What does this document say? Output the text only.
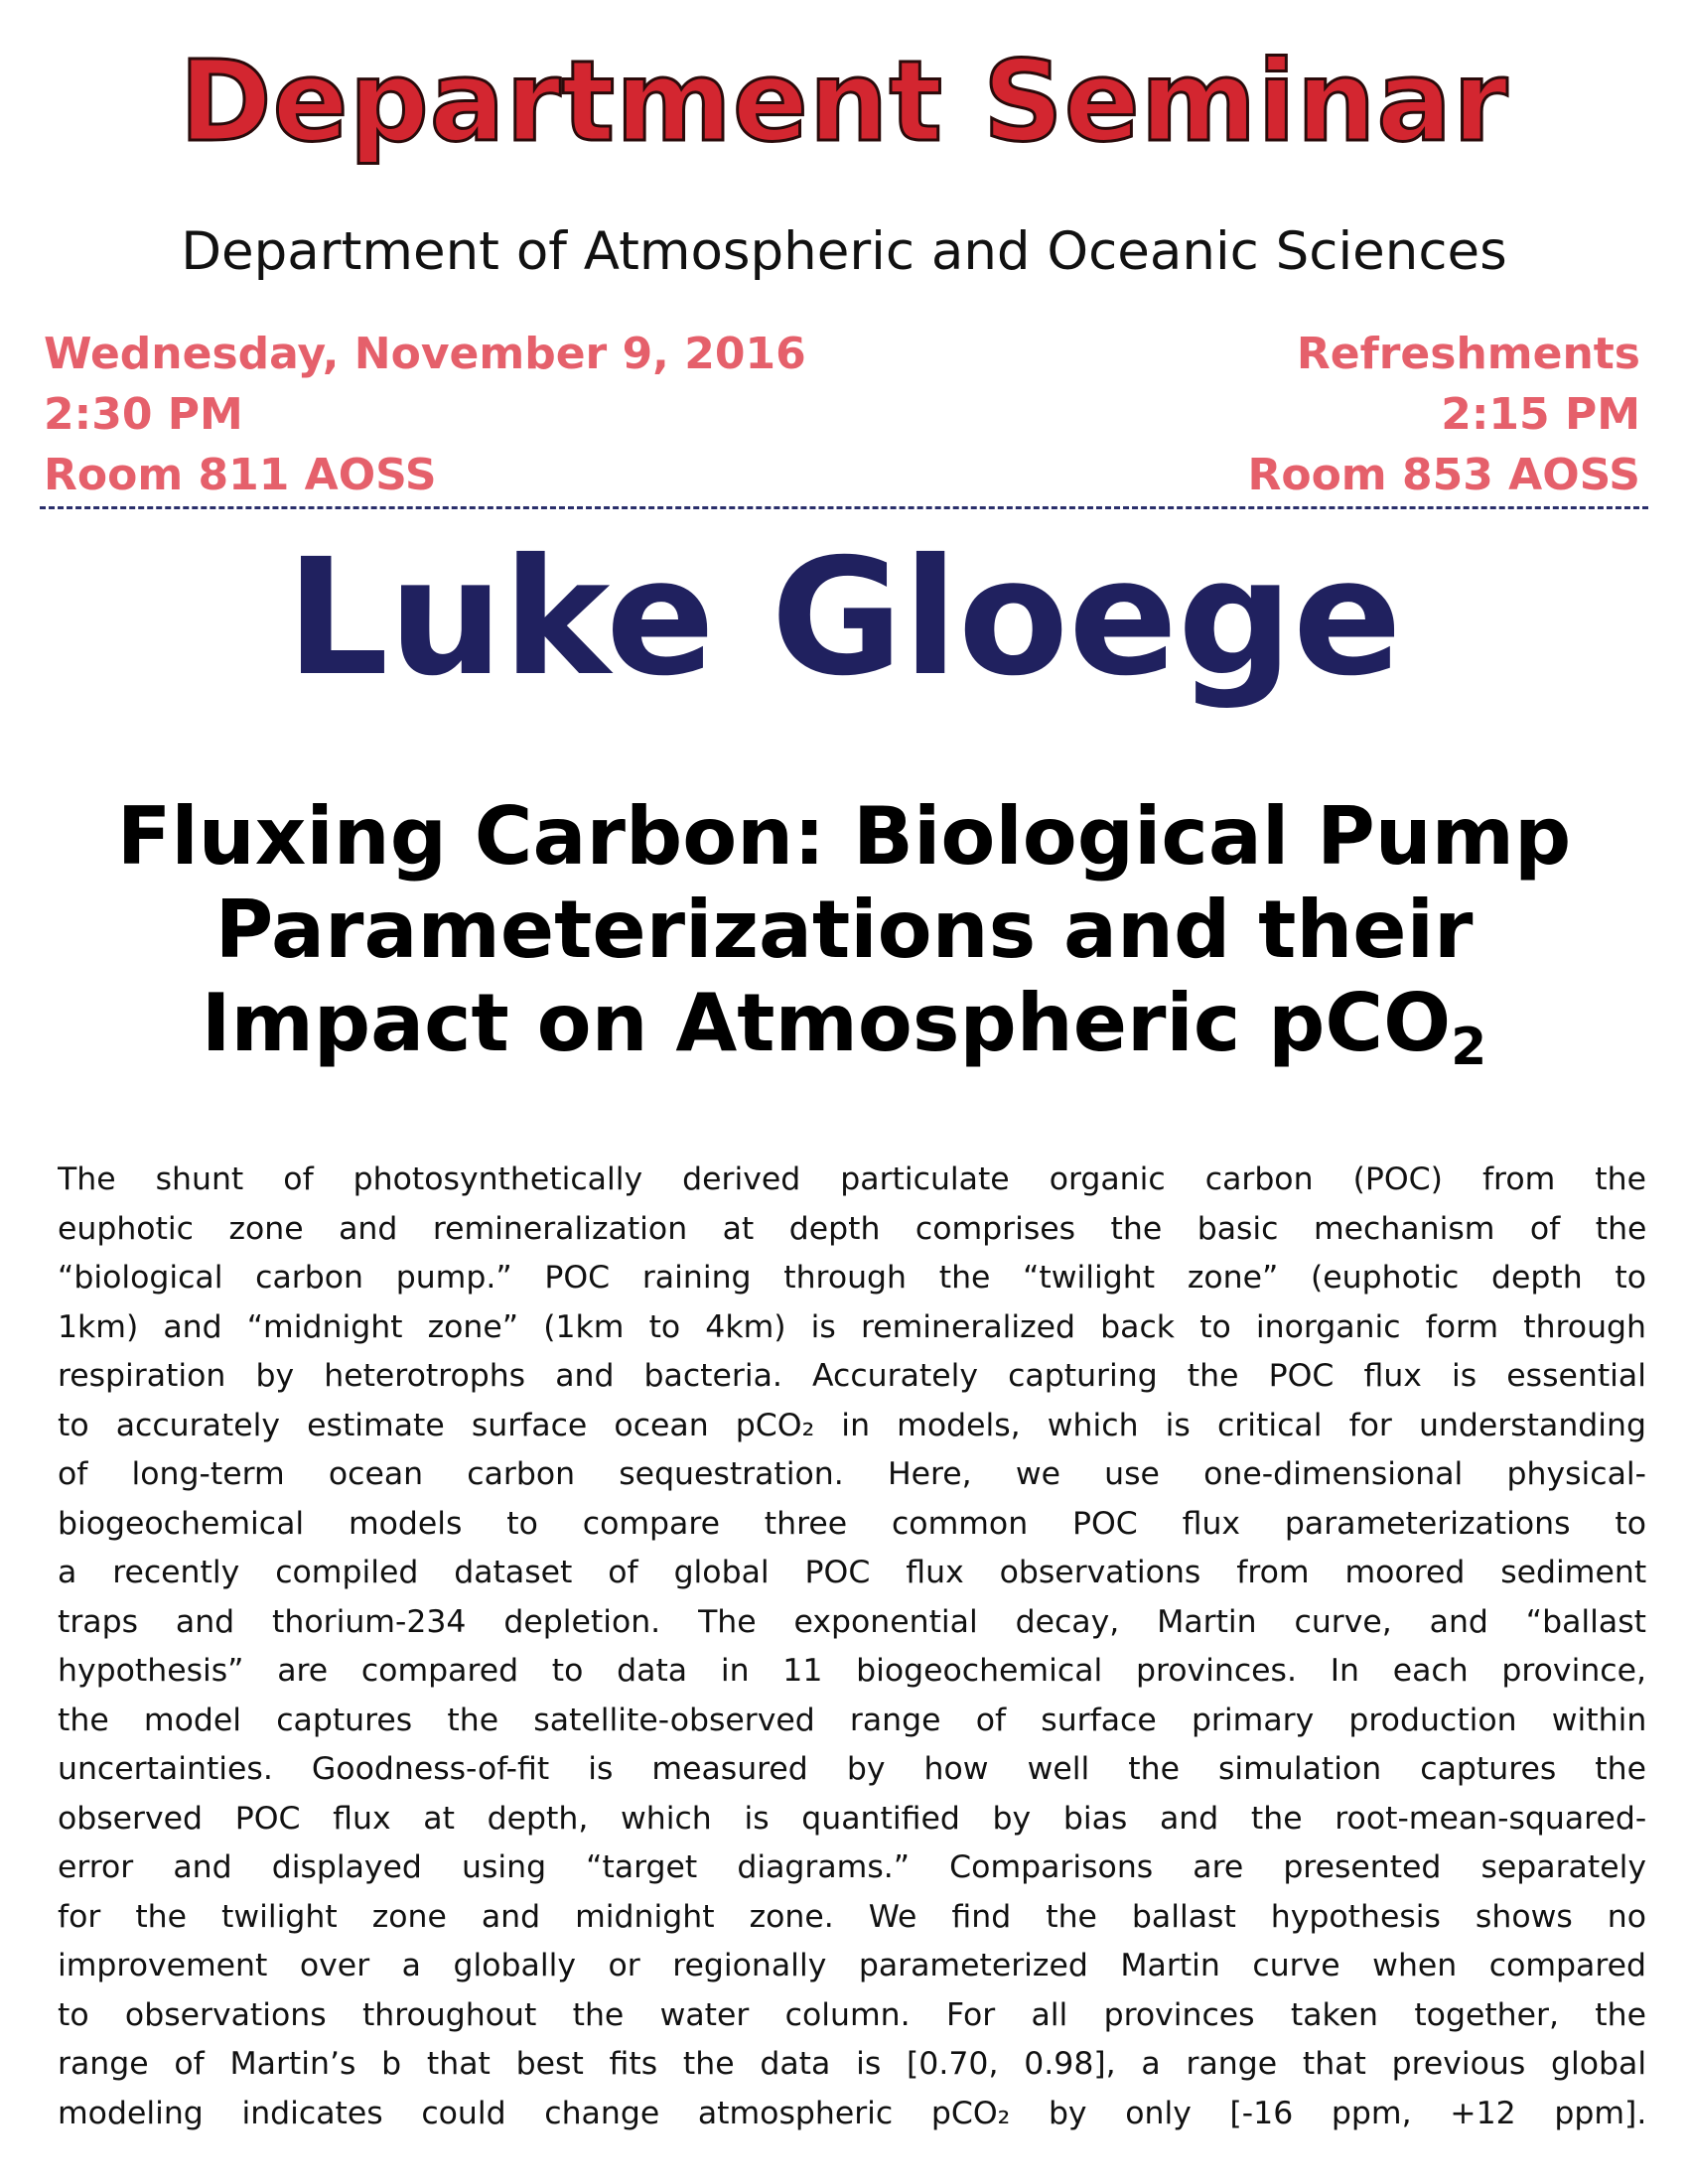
Department Seminar
Department of Atmospheric and Oceanic Sciences
Wednesday, November 9, 2016
2:30 PM
Room 811 AOSS
Refreshments
2:15 PM
Room 853 AOSS
Luke Gloege
Fluxing Carbon: Biological Pump
Parameterizations and their
Impact on Atmospheric pCO$_2$
The shunt of photosynthetically derived particulate organic carbon (POC) from the
euphotic zone and remineralization at depth comprises the basic mechanism of the
“biological carbon pump.” POC raining through the “twilight zone” (euphotic depth to
1km) and “midnight zone” (1km to 4km) is remineralized back to inorganic form through
respiration by heterotrophs and bacteria. Accurately capturing the POC flux is essential
to accurately estimate surface ocean pCO₂ in models, which is critical for understanding
of long-term ocean carbon sequestration. Here, we use one-dimensional physical-
biogeochemical models to compare three common POC flux parameterizations to
a recently compiled dataset of global POC flux observations from moored sediment
traps and thorium-234 depletion. The exponential decay, Martin curve, and “ballast
hypothesis” are compared to data in 11 biogeochemical provinces. In each province,
the model captures the satellite-observed range of surface primary production within
uncertainties. Goodness-of-fit is measured by how well the simulation captures the
observed POC flux at depth, which is quantified by bias and the root-mean-squared-
error and displayed using “target diagrams.” Comparisons are presented separately
for the twilight zone and midnight zone. We find the ballast hypothesis shows no
improvement over a globally or regionally parameterized Martin curve when compared
to observations throughout the water column. For all provinces taken together, the
range of Martin’s b that best fits the data is [0.70, 0.98], a range that previous global
modeling indicates could change atmospheric pCO₂ by only [-16 ppm, +12 ppm].
